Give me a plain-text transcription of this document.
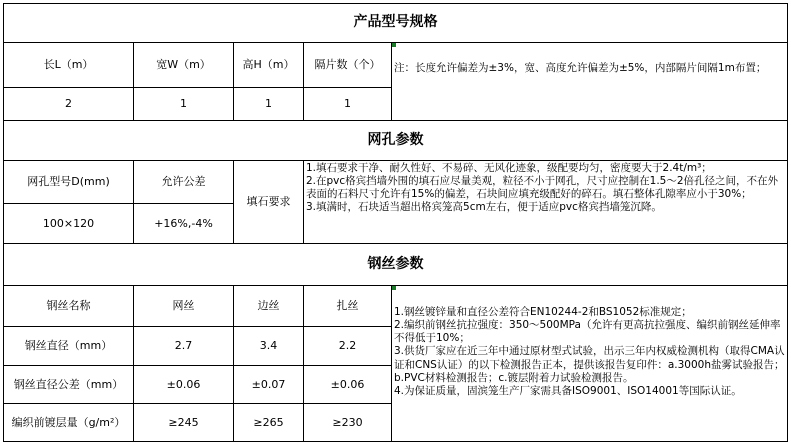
产品型号规格
长L（m）	宽W（m）	高H（m）	隔片数（个）
2	1	1	1
注：长度允许偏差为±3%，宽、高度允许偏差为±5%，内部隔片间隔1m布置；
网孔参数
网孔型号D(mm)	允许公差
100×120	+16%,-4%
填石要求
1.填石要求干净、耐久性好、不易碎、无风化迹象，级配要均匀，密度要大于2.4t/m³；
2.在pvc格宾挡墙外围的填石应尽量美观，粒径不小于网孔，尺寸应控制在1.5～2倍孔径之间，不在外表面的石料尺寸允许有15%的偏差，石块间应填充级配好的碎石。填石整体孔隙率应小于30%；
3.填满时，石块适当超出格宾笼高5cm左右，便于适应pvc格宾挡墙笼沉降。
钢丝参数
钢丝名称	网丝	边丝	扎丝
钢丝直径（mm）	2.7	3.4	2.2
钢丝直径公差（mm）	±0.06	±0.07	±0.06
编织前镀层量（g/m²）	≥245	≥265	≥230
1.钢丝镀锌量和直径公差符合EN10244-2和BS1052标准规定；
2.编织前钢丝抗拉强度：350～500MPa（允许有更高抗拉强度、编织前钢丝延伸率不得低于10%；
3.供货厂家应在近三年中通过原材型式试验，出示三年内权威检测机构（取得CMA认证和CNS认证）的以下检测报告正本，提供该报告复印件：a.3000h盐雾试验报告；b.PVC材料检测报告；c.镀层附着力试验检测报告。
4.为保证质量，固滨笼生产厂家需具备ISO9001、ISO14001等国际认证。
